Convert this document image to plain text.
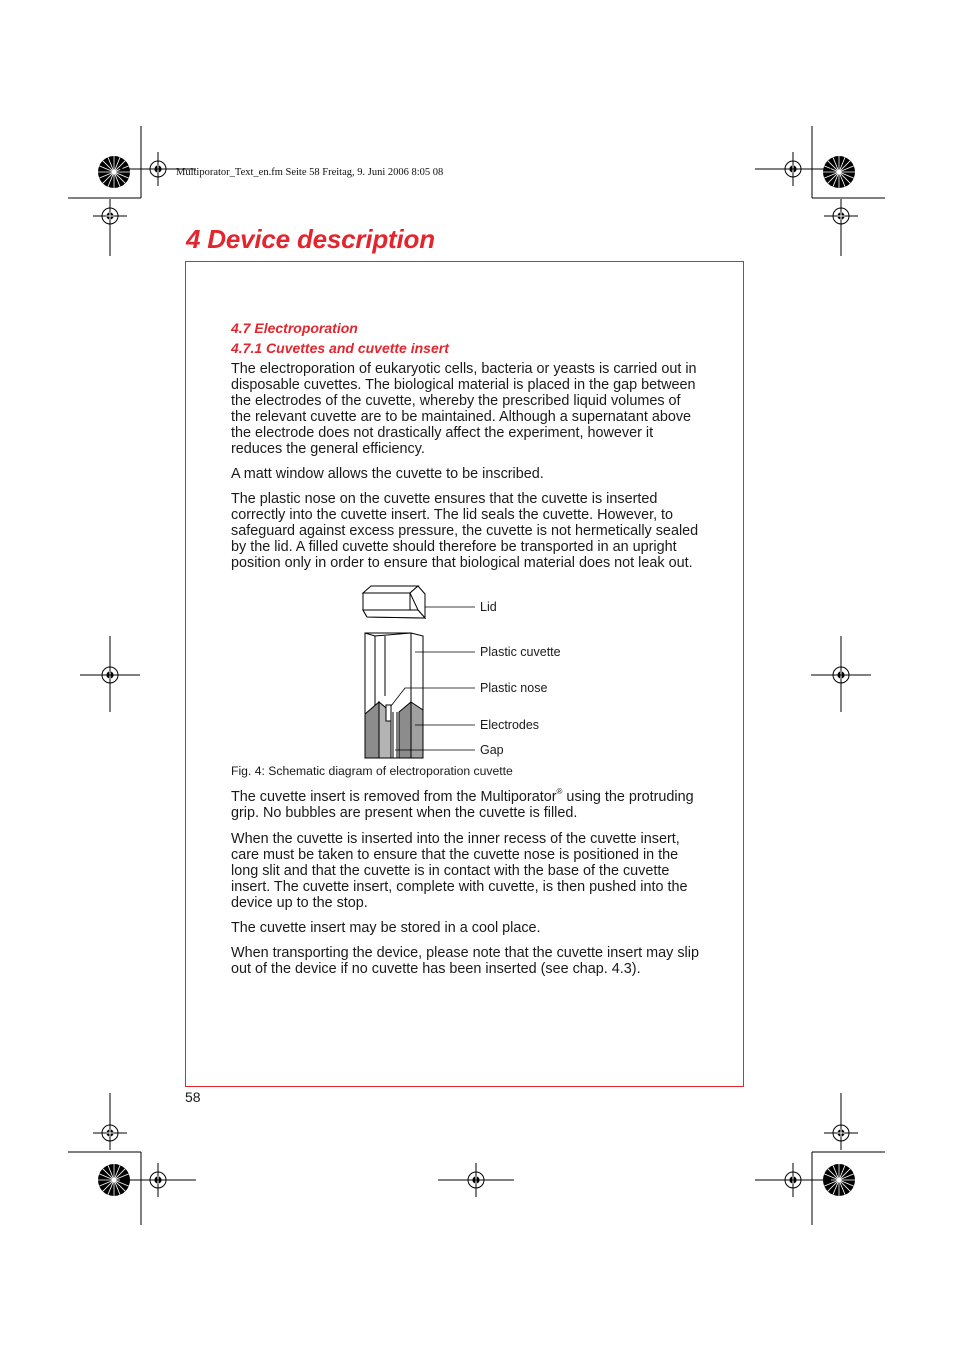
Multiporator_Text_en.fm Seite 58 Freitag, 9. Juni 2006 8:05 08
4 Device description
4.7 Electroporation
4.7.1 Cuvettes and cuvette insert

The electroporation of eukaryotic cells, bacteria or yeasts is carried out in disposable cuvettes. The biological material is placed in the gap between the electrodes of the cuvette, whereby the prescribed liquid volumes of the relevant cuvette are to be maintained. Although a supernatant above the electrode does not drastically affect the experiment, however it reduces the general efficiency.

A matt window allows the cuvette to be inscribed.

The plastic nose on the cuvette ensures that the cuvette is inserted correctly into the cuvette insert. The lid seals the cuvette. However, to safeguard against excess pressure, the cuvette is not hermetically sealed by the lid. A filled cuvette should therefore be transported in an upright position only in order to ensure that biological material does not leak out.

Lid
Plastic cuvette
Plastic nose
Electrodes
Gap
Fig. 4: Schematic diagram of electroporation cuvette

The cuvette insert is removed from the Multiporator® using the protruding grip. No bubbles are present when the cuvette is filled.

When the cuvette is inserted into the inner recess of the cuvette insert, care must be taken to ensure that the cuvette nose is positioned in the long slit and that the cuvette is in contact with the base of the cuvette insert. The cuvette insert, complete with cuvette, is then pushed into the device up to the stop.

The cuvette insert may be stored in a cool place.

When transporting the device, please note that the cuvette insert may slip out of the device if no cuvette has been inserted (see chap. 4.3).

58
